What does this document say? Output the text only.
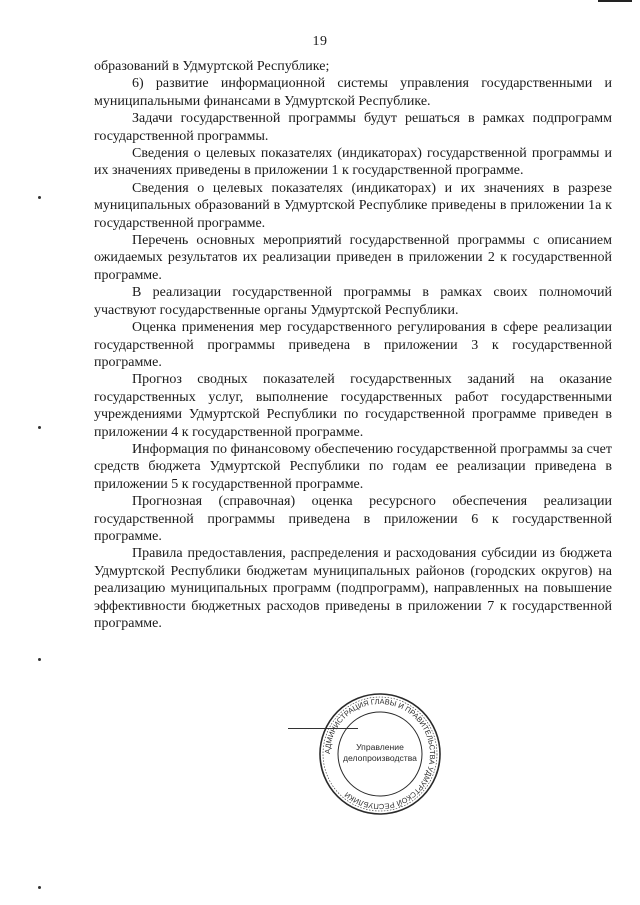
19

образований в Удмуртской Республике;

6) развитие информационной системы управления государственными и муниципальными финансами в Удмуртской Республике.

Задачи государственной программы будут решаться в рамках подпрограмм государственной программы.

Сведения о целевых показателях (индикаторах) государственной программы и их значениях приведены в приложении 1 к государственной программе.

Сведения о целевых показателях (индикаторах) и их значениях в разрезе муниципальных образований в Удмуртской Республике приведены в приложении 1а к государственной программе.

Перечень основных мероприятий государственной программы с описанием ожидаемых результатов их реализации приведен в приложении 2 к государственной программе.

В реализации государственной программы в рамках своих полномочий участвуют государственные органы Удмуртской Республики.

Оценка применения мер государственного регулирования в сфере реализации государственной программы приведена в приложении 3 к государственной программе.

Прогноз сводных показателей государственных заданий на оказание государственных услуг, выполнение государственных работ государственными учреждениями Удмуртской Республики по государственной программе приведен в приложении 4 к государственной программе.

Информация по финансовому обеспечению государственной программы за счет средств бюджета Удмуртской Республики по годам ее реализации приведена в приложении 5 к государственной программе.

Прогнозная (справочная) оценка ресурсного обеспечения реализации государственной программы приведена в приложении 6 к государственной программе.

Правила предоставления, распределения и расходования субсидии из бюджета Удмуртской Республики бюджетам муниципальных районов (городских округов) на реализацию муниципальных программ (подпрограмм), направленных на повышение эффективности бюджетных расходов приведены в приложении 7 к государственной программе.

АДМИНИСТРАЦИЯ ГЛАВЫ И ПРАВИТЕЛЬСТВА УДМУРТСКОЙ РЕСПУБЛИКИ
Управление
делопроизводства
